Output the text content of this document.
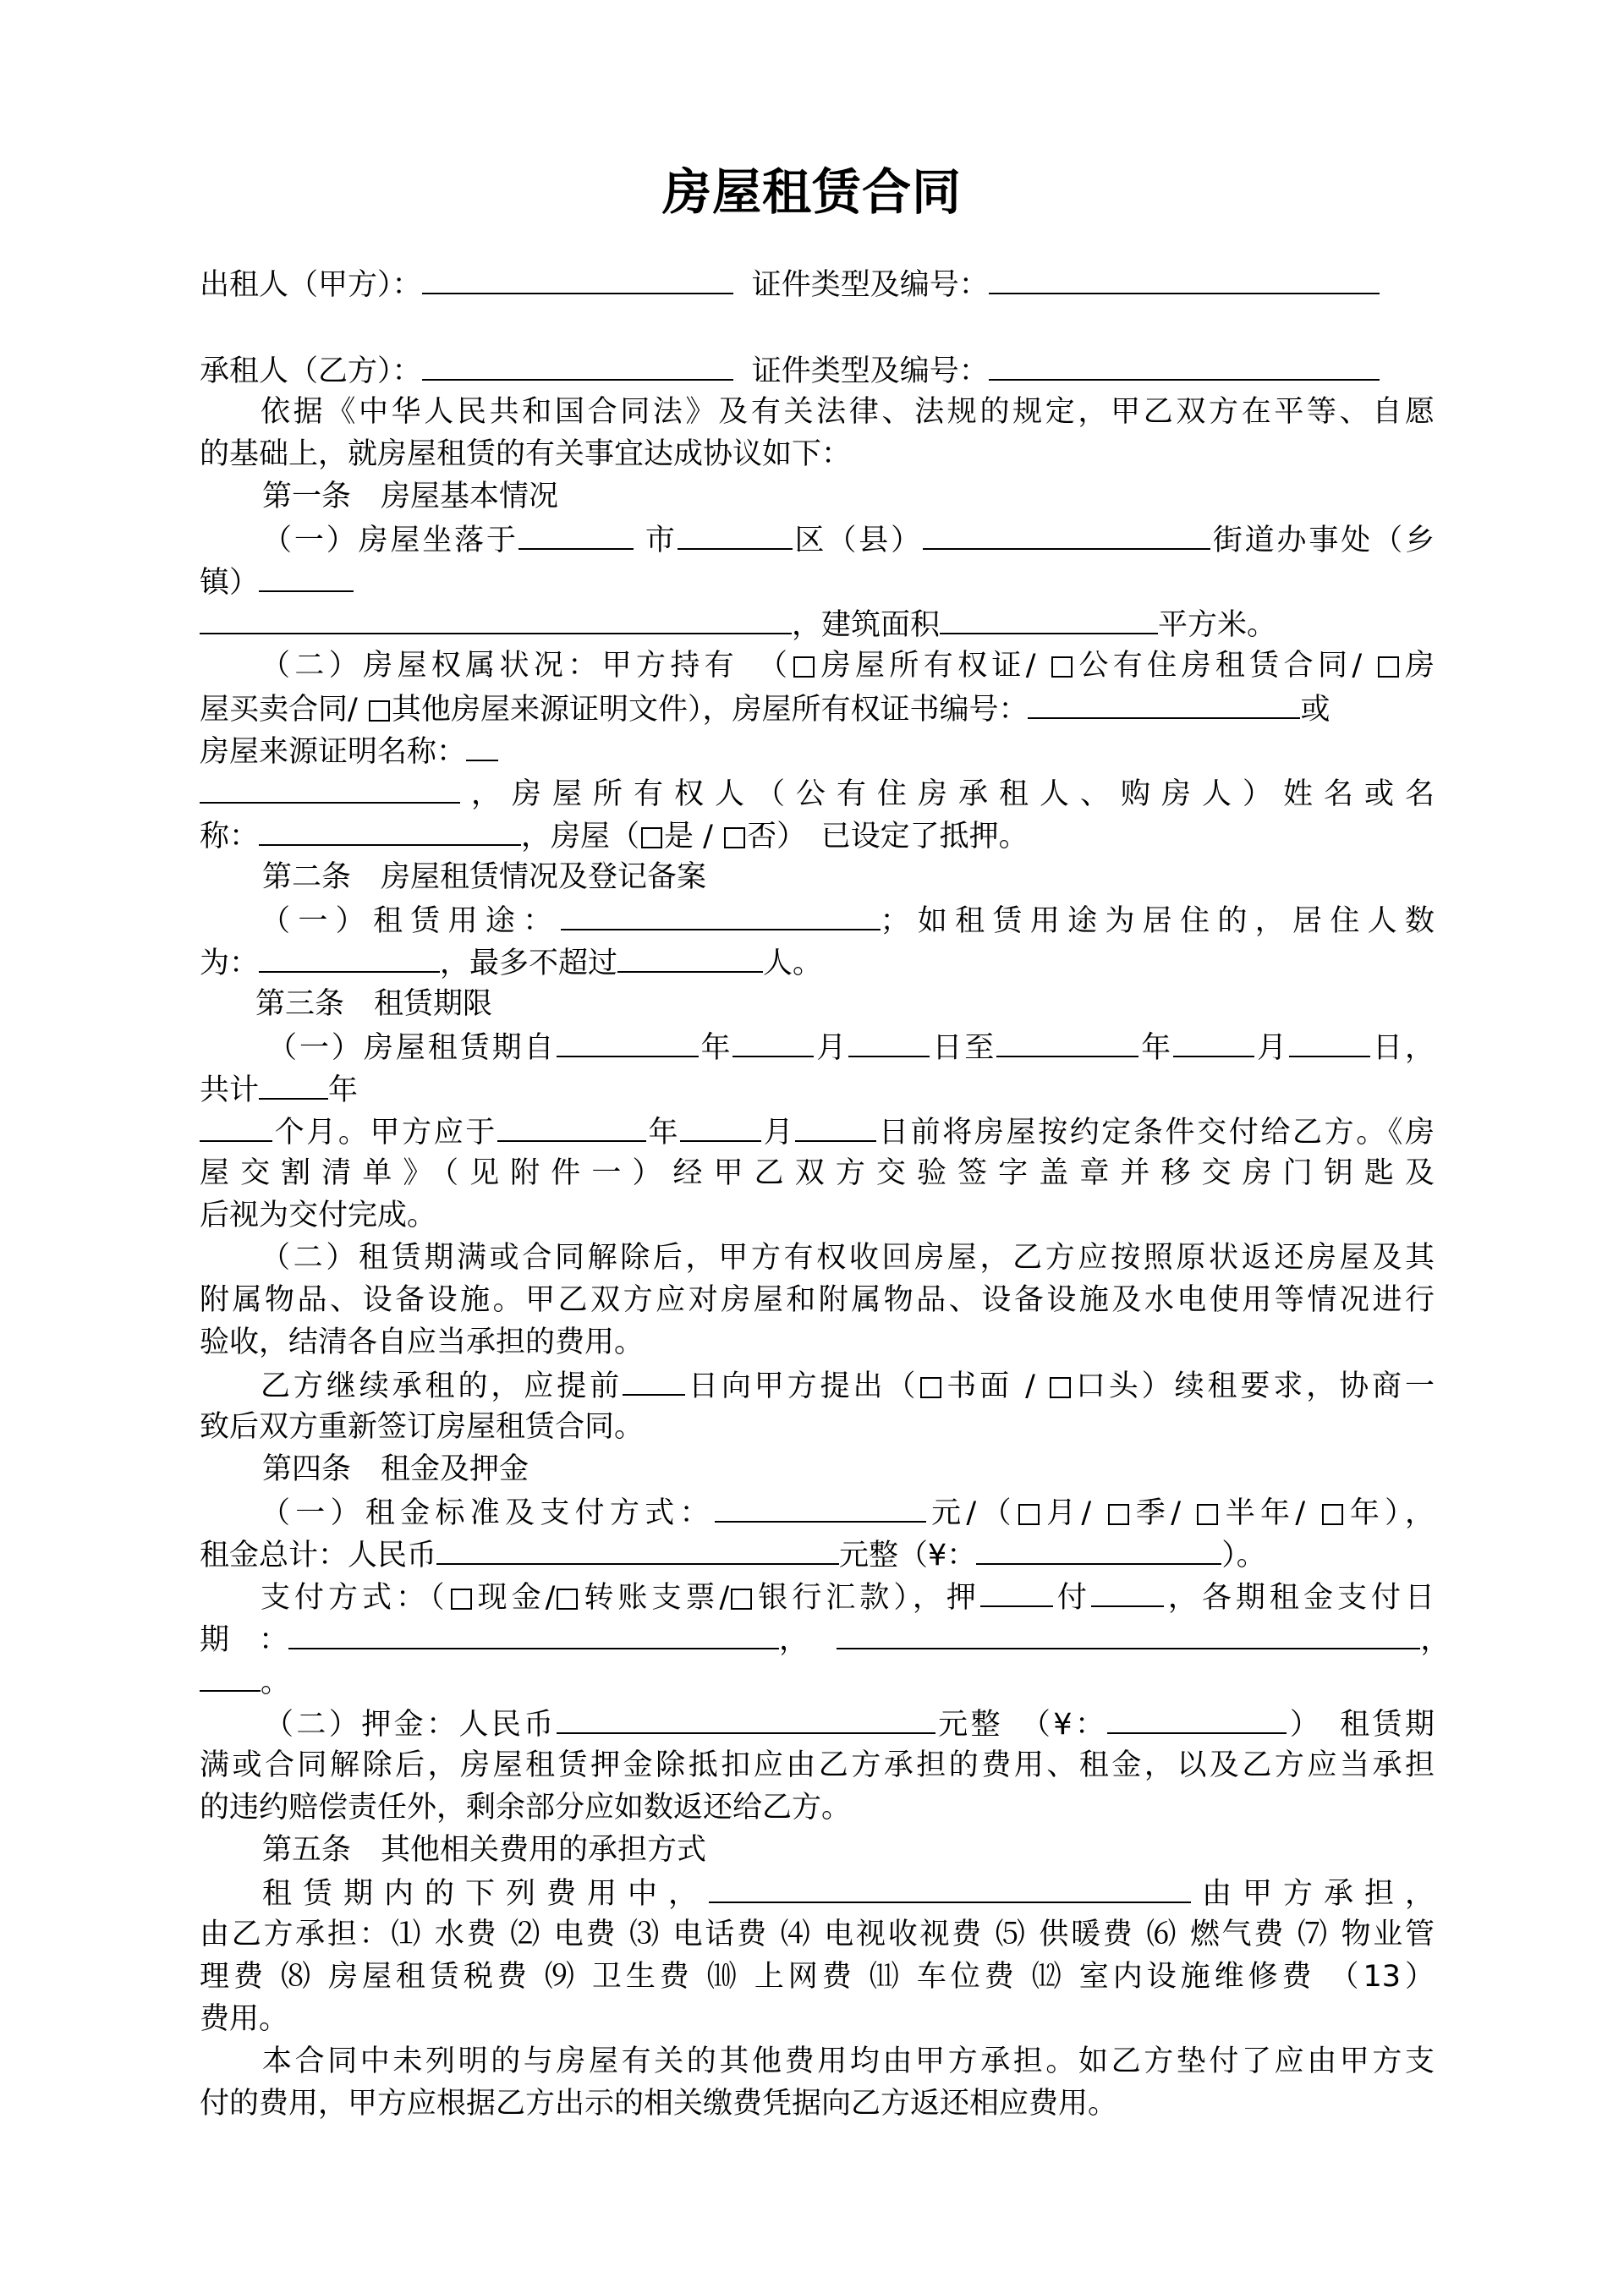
房屋租赁合同
出租人（甲方）：	证件类型及编号：
承租人（乙方）：	证件类型及编号：
依据《中华人民共和国合同法》及有关法律、法规的规定，甲乙双方在平等、自愿
的基础上，就房屋租赁的有关事宜达成协议如下：
第一条　房屋基本情况
（一）房屋坐落于	市	区（县）	街道办事处（乡
镇）
，建筑面积	平方米。
（二）房屋权属状况：甲方持有　（ 房屋所有权证/ 公有住房租赁合同/ 房
屋买卖合同/ 其他房屋来源证明文件），房屋所有权证书编号：	或
房屋来源证明名称：
，房屋所有权人（公有住房承租人、购房人）姓名或名
称：	，房屋（ 是 / 否）　已设定了抵押。
第二条　房屋租赁情况及登记备案
（一）租赁用途：	；如租赁用途为居住的，居住人数
为：	，最多不超过	人。
第三条　租赁期限
（一）房屋租赁期自	年	月	日至	年	月	日，
共计 年
个月。甲方应于	年	月	日前将房屋按约定条件交付给乙方。《房
屋交割清单》（见附件一）经甲乙双方交验签字盖章并移交房门钥匙及
后视为交付完成。
（二）租赁期满或合同解除后，甲方有权收回房屋，乙方应按照原状返还房屋及其
附属物品、设备设施。甲乙双方应对房屋和附属物品、设备设施及水电使用等情况进行
验收，结清各自应当承担的费用。
乙方继续承租的，应提前 日向甲方提出（ 书面 / 口头）续租要求，协商一
致后双方重新签订房屋租赁合同。
第四条　租金及押金
（一）租金标准及支付方式：	元/（ 月/ 季/ 半年/ 年），
租金总计：人民币	元整（¥：	）。
支付方式：（ 现金/ 转账支票/ 银行汇款），押 付 ，各期租金支付日
期　：	，	，
。
（二）押金：人民币	元整　（¥：	）　租赁期
满或合同解除后，房屋租赁押金除抵扣应由乙方承担的费用、租金，以及乙方应当承担
的违约赔偿责任外，剩余部分应如数返还给乙方。
第五条　其他相关费用的承担方式
租赁期内的下列费用中，	由甲方承担，
由乙方承担：⑴ 水费 ⑵ 电费 ⑶ 电话费 ⑷ 电视收视费 ⑸ 供暖费 ⑹ 燃气费 ⑺ 物业管
理费 ⑻ 房屋租赁税费 ⑼ 卫生费 ⑽ 上网费 ⑾ 车位费 ⑿ 室内设施维修费 （13）
费用。
本合同中未列明的与房屋有关的其他费用均由甲方承担。如乙方垫付了应由甲方支
付的费用，甲方应根据乙方出示的相关缴费凭据向乙方返还相应费用。
